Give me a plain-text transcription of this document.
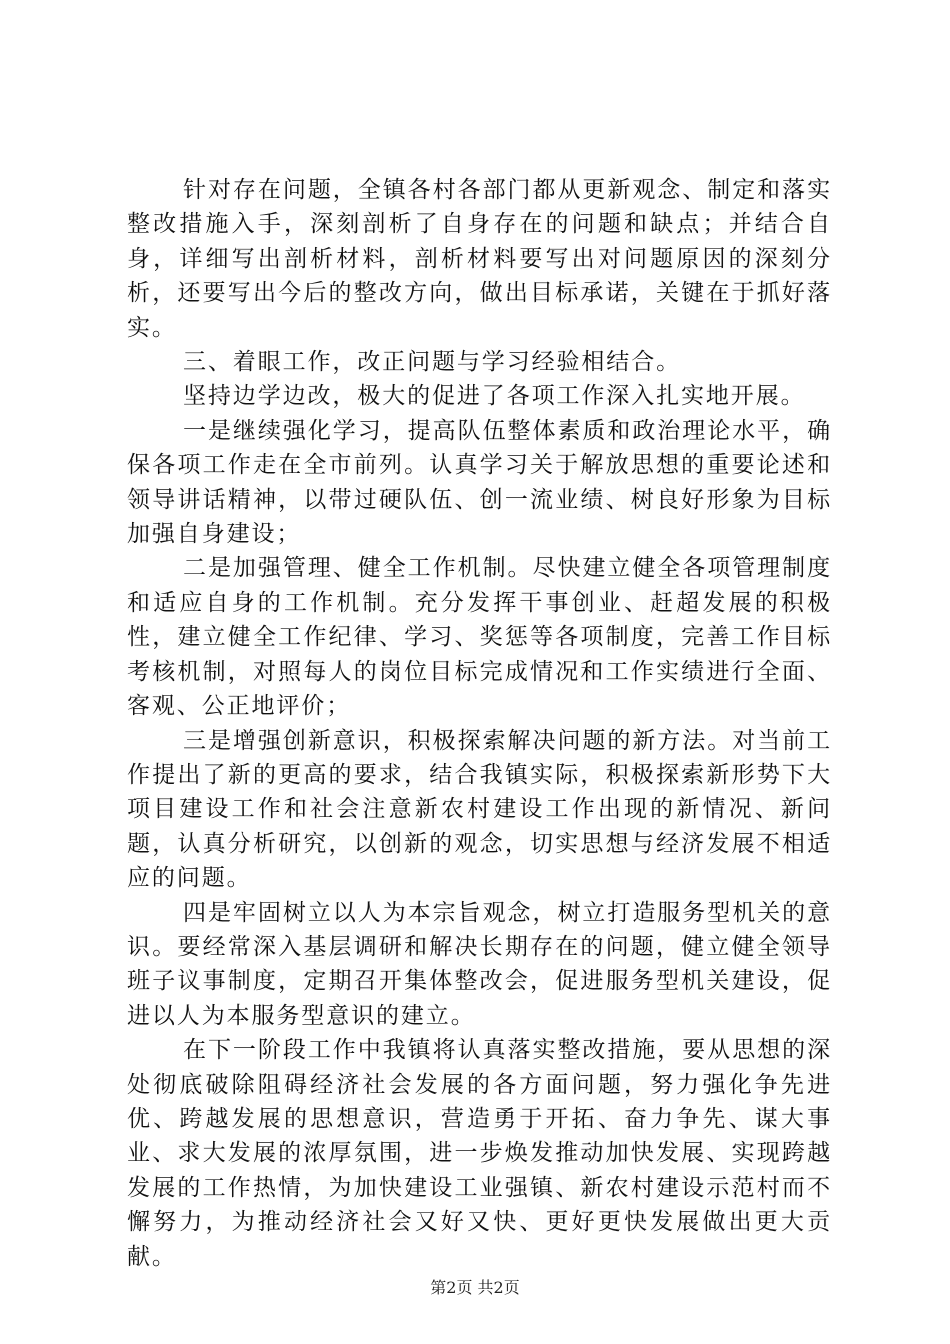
针对存在问题，全镇各村各部门都从更新观念、制定和落实整改措施入手，深刻剖析了自身存在的问题和缺点；并结合自身，详细写出剖析材料，剖析材料要写出对问题原因的深刻分析，还要写出今后的整改方向，做出目标承诺，关键在于抓好落实。

三、着眼工作，改正问题与学习经验相结合。

坚持边学边改，极大的促进了各项工作深入扎实地开展。

一是继续强化学习，提高队伍整体素质和政治理论水平，确保各项工作走在全市前列。认真学习关于解放思想的重要论述和领导讲话精神，以带过硬队伍、创一流业绩、树良好形象为目标加强自身建设；

二是加强管理、健全工作机制。尽快建立健全各项管理制度和适应自身的工作机制。充分发挥干事创业、赶超发展的积极性，建立健全工作纪律、学习、奖惩等各项制度，完善工作目标考核机制，对照每人的岗位目标完成情况和工作实绩进行全面、客观、公正地评价；

三是增强创新意识，积极探索解决问题的新方法。对当前工作提出了新的更高的要求，结合我镇实际，积极探索新形势下大项目建设工作和社会注意新农村建设工作出现的新情况、新问题，认真分析研究，以创新的观念，切实思想与经济发展不相适应的问题。

四是牢固树立以人为本宗旨观念，树立打造服务型机关的意识。要经常深入基层调研和解决长期存在的问题，健立健全领导班子议事制度，定期召开集体整改会，促进服务型机关建设，促进以人为本服务型意识的建立。

在下一阶段工作中我镇将认真落实整改措施，要从思想的深处彻底破除阻碍经济社会发展的各方面问题，努力强化争先进优、跨越发展的思想意识，营造勇于开拓、奋力争先、谋大事业、求大发展的浓厚氛围，进一步焕发推动加快发展、实现跨越发展的工作热情，为加快建设工业强镇、新农村建设示范村而不懈努力，为推动经济社会又好又快、更好更快发展做出更大贡献。

第2页 共2页
